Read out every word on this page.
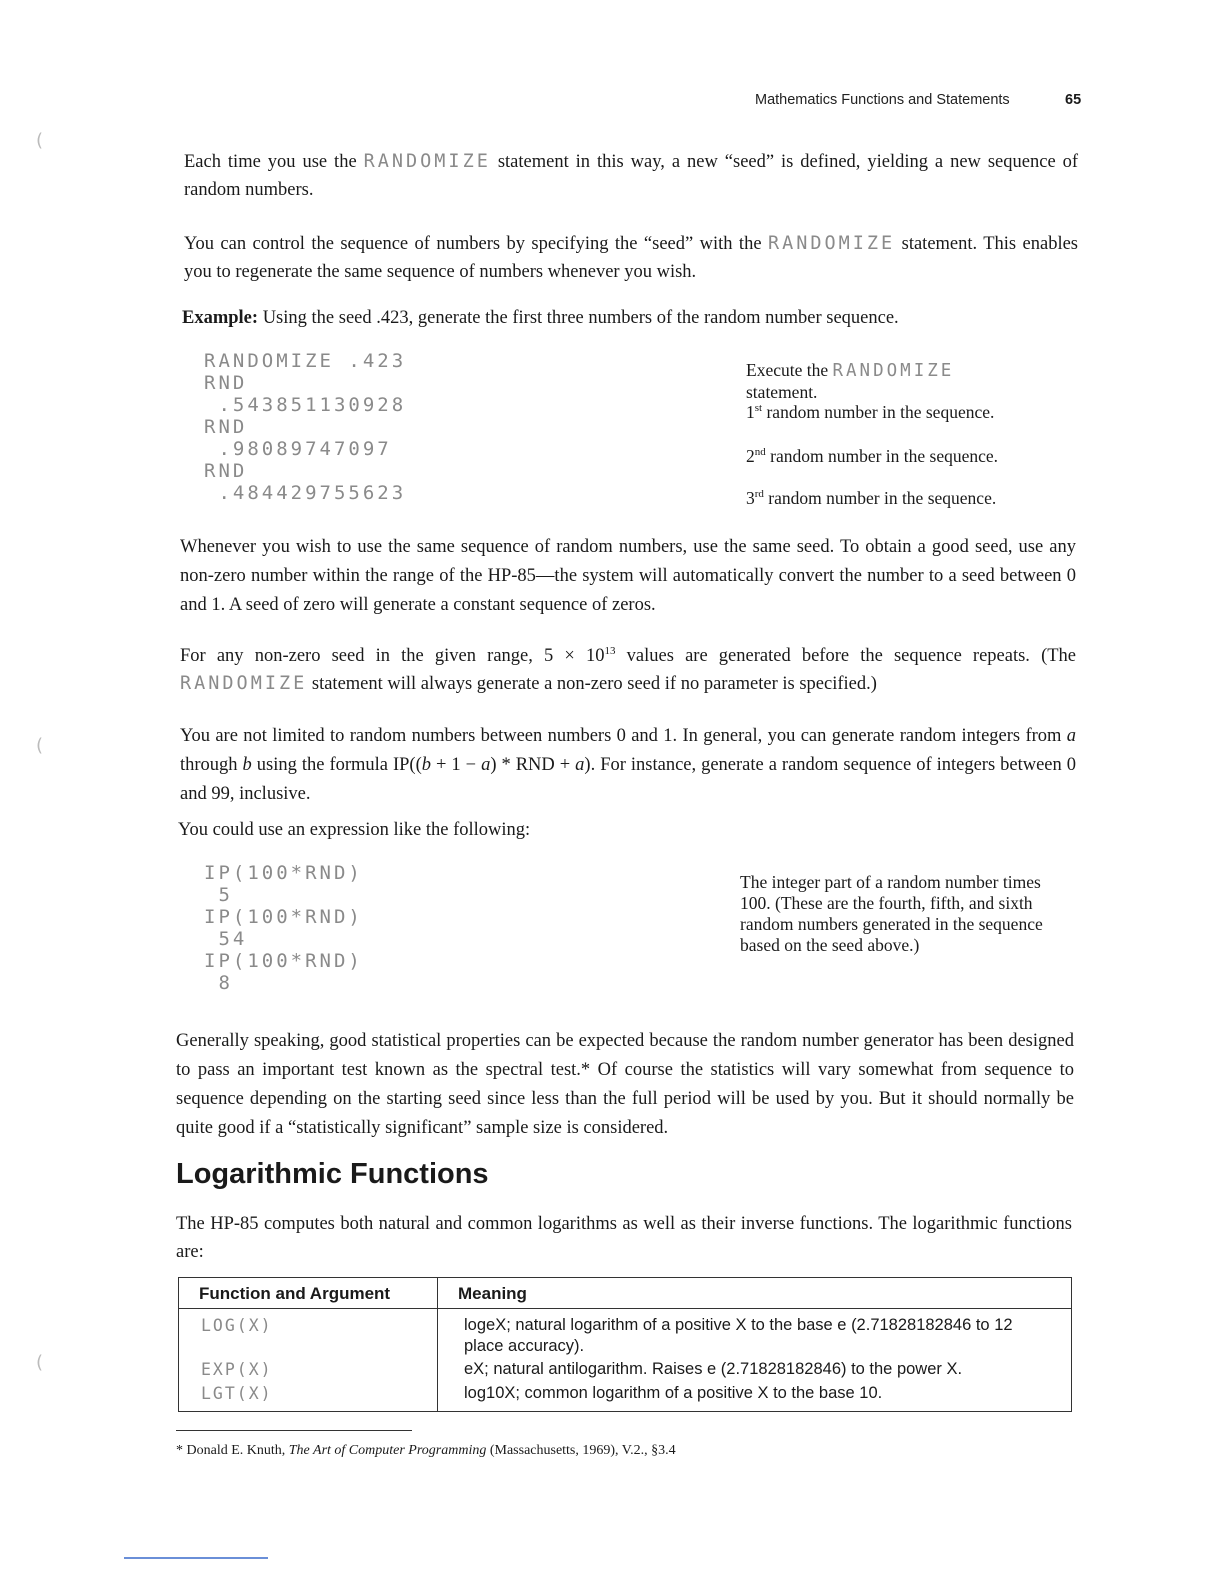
Mathematics Functions and Statements	65
(
(
(

Each time you use the RANDOMIZE statement in this way, a new “seed” is defined, yielding a new sequence of random numbers.

You can control the sequence of numbers by specifying the “seed” with the RANDOMIZE statement. This enables you to regenerate the same sequence of numbers whenever you wish.

Example: Using the seed .423, generate the first three numbers of the random number sequence.

RANDOMIZE .423
RND
.543851130928
RND
.98089747097
RND
.484429755623
Execute the RANDOMIZE
statement.
1st random number in the sequence.
2nd random number in the sequence.
3rd random number in the sequence.

Whenever you wish to use the same sequence of random numbers, use the same seed. To obtain a good seed, use any non-zero number within the range of the HP-85—the system will automatically convert the number to a seed between 0 and 1. A seed of zero will generate a constant sequence of zeros.

For any non-zero seed in the given range, $5 \times 10^{13}$ values are generated before the sequence repeats. (The RANDOMIZE statement will always generate a non-zero seed if no parameter is specified.)

You are not limited to random numbers between numbers 0 and 1. In general, you can generate random integers from a through b using the formula IP((b + 1 − a) * RND + a). For instance, generate a random sequence of integers between 0 and 99, inclusive.

You could use an expression like the following:

IP(100*RND)
5
IP(100*RND)
54
IP(100*RND)
8
The integer part of a random number times 100. (These are the fourth, fifth, and sixth random numbers generated in the sequence based on the seed above.)

Generally speaking, good statistical properties can be expected because the random number generator has been designed to pass an important test known as the spectral test.* Of course the statistics will vary somewhat from sequence to sequence depending on the starting seed since less than the full period will be used by you. But it should normally be quite good if a “statistically significant” sample size is considered.

Logarithmic Functions

The HP-85 computes both natural and common logarithms as well as their inverse functions. The logarithmic functions are:

Function and Argument	Meaning
LOG(X)	logeX; natural logarithm of a positive X to the base e (2.71828182846 to 12 place accuracy).
EXP(X)	eX; natural antilogarithm. Raises e (2.71828182846) to the power X.
LGT(X)	log10X; common logarithm of a positive X to the base 10.
* Donald E. Knuth, The Art of Computer Programming (Massachusetts, 1969), V.2., §3.4
